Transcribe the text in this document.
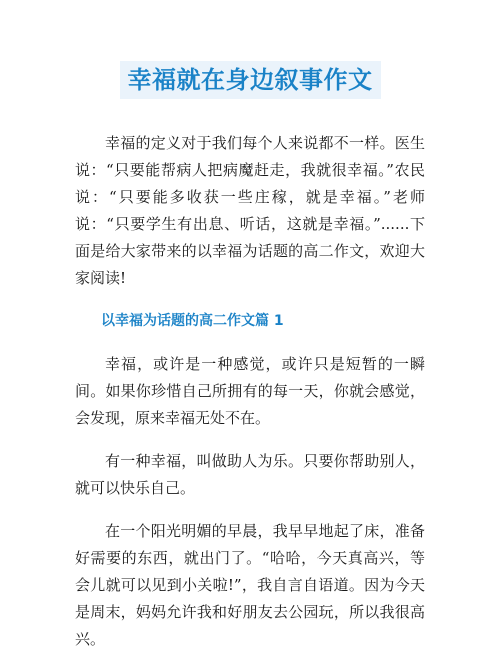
幸福就在身边叙事作文

幸福的定义对于我们每个人来说都不一样。医生说：“只要能帮病人把病魔赶走，我就很幸福。”农民说：“只要能多收获一些庄稼，就是幸福。”老师说：“只要学生有出息、听话，这就是幸福。”......下面是给大家带来的以幸福为话题的高二作文，欢迎大家阅读!

以幸福为话题的高二作文篇 1

幸福，或许是一种感觉，或许只是短暂的一瞬间。如果你珍惜自己所拥有的每一天，你就会感觉，会发现，原来幸福无处不在。

有一种幸福，叫做助人为乐。只要你帮助别人，就可以快乐自己。

在一个阳光明媚的早晨，我早早地起了床，准备好需要的东西，就出门了。“哈哈，今天真高兴，等会儿就可以见到小关啦!”，我自言自语道。因为今天是周末，妈妈允许我和好朋友去公园玩，所以我很高兴。
